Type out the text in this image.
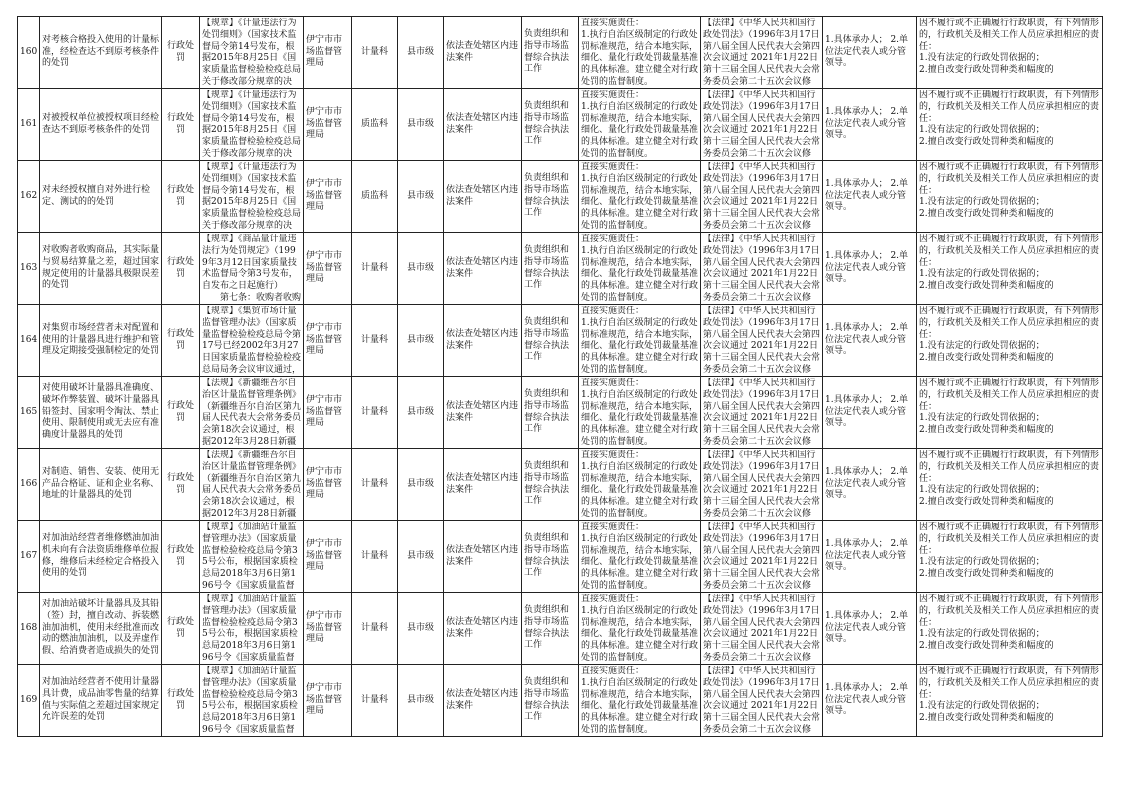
160	对考核合格投入使用的计量标准，经检查达不到原考核条件的处罚	行政处罚	【规章】《计量违法行为处罚细则》（国家技术监督局令第14号发布，根据2015年8月25日《国家质量监督检验检疫总局关于修改部分规章的决	伊宁市市场监督管理局	计量科	县市级	依法查处辖区内违法案件	负责组织和指导市场监督综合执法工作	直接实施责任：
1.执行自治区级制定的行政处罚标准规范，结合本地实际，细化、量化行政处罚裁量基准的具体标准。建立健全对行政处罚的监督制度。	【法律】《中华人民共和国行政处罚法》（1996年3月17日第八届全国人民代表大会第四次会议通过 2021年1月22日第十三届全国人民代表大会常务委员会第二十五次会议修
　　　　	1.具体承办人； 2.单位法定代表人或分管领导。	因不履行或不正确履行行政职责，有下列情形的，行政机关及相关工作人员应承担相应的责任：
1.没有法定的行政处罚依据的；
2.擅自改变行政处罚种类和幅度的

161	对被授权单位被授权项目经检查达不到原考核条件的处罚	行政处罚	【规章】《计量违法行为处罚细则》（国家技术监督局令第14号发布，根据2015年8月25日《国家质量监督检验检疫总局关于修改部分规章的决	伊宁市市场监督管理局	质监科	县市级	依法查处辖区内违法案件	负责组织和指导市场监督综合执法工作	直接实施责任：
1.执行自治区级制定的行政处罚标准规范，结合本地实际，细化、量化行政处罚裁量基准的具体标准。建立健全对行政处罚的监督制度。	【法律】《中华人民共和国行政处罚法》（1996年3月17日第八届全国人民代表大会第四次会议通过 2021年1月22日第十三届全国人民代表大会常务委员会第二十五次会议修
　　　　	1.具体承办人； 2.单位法定代表人或分管领导。	因不履行或不正确履行行政职责，有下列情形的，行政机关及相关工作人员应承担相应的责任：
1.没有法定的行政处罚依据的；
2.擅自改变行政处罚种类和幅度的

162	对未经授权擅自对外进行检定、测试的的处罚	行政处罚	【规章】《计量违法行为处罚细则》（国家技术监督局令第14号发布，根据2015年8月25日《国家质量监督检验检疫总局关于修改部分规章的决	伊宁市市场监督管理局	质监科	县市级	依法查处辖区内违法案件	负责组织和指导市场监督综合执法工作	直接实施责任：
1.执行自治区级制定的行政处罚标准规范，结合本地实际，细化、量化行政处罚裁量基准的具体标准。建立健全对行政处罚的监督制度。	【法律】《中华人民共和国行政处罚法》（1996年3月17日第八届全国人民代表大会第四次会议通过 2021年1月22日第十三届全国人民代表大会常务委员会第二十五次会议修
　　　　	1.具体承办人； 2.单位法定代表人或分管领导。	因不履行或不正确履行行政职责，有下列情形的，行政机关及相关工作人员应承担相应的责任：
1.没有法定的行政处罚依据的；
2.擅自改变行政处罚种类和幅度的

163	对收购者收购商品，其实际量与贸易结算量之差，超过国家规定使用的计量器具极限误差的处罚	行政处罚	【规章】《商品量计量违法行为处罚规定》（1999年3月12日国家质量技术监督局令第3号发布，自发布之日起施行）
　　第七条：收购者收购	伊宁市市场监督管理局	计量科	县市级	依法查处辖区内违法案件	负责组织和指导市场监督综合执法工作	直接实施责任：
1.执行自治区级制定的行政处罚标准规范，结合本地实际，细化、量化行政处罚裁量基准的具体标准。建立健全对行政处罚的监督制度。	【法律】《中华人民共和国行政处罚法》（1996年3月17日第八届全国人民代表大会第四次会议通过 2021年1月22日第十三届全国人民代表大会常务委员会第二十五次会议修
　　　　	1.具体承办人； 2.单位法定代表人或分管领导。	因不履行或不正确履行行政职责，有下列情形的，行政机关及相关工作人员应承担相应的责任：
1.没有法定的行政处罚依据的；
2.擅自改变行政处罚种类和幅度的

164	对集贸市场经营者未对配置和使用的计量器具进行维护和管理及定期接受强制检定的处罚	行政处罚	【规章】《集贸市场计量监督管理办法》（国家质量监督检验检疫总局令第17号已经2002年3月27日国家质量监督检验检疫总局局务会议审议通过，	伊宁市市场监督管理局	计量科	县市级	依法查处辖区内违法案件	负责组织和指导市场监督综合执法工作	直接实施责任：
1.执行自治区级制定的行政处罚标准规范，结合本地实际，细化、量化行政处罚裁量基准的具体标准。建立健全对行政处罚的监督制度。	【法律】《中华人民共和国行政处罚法》（1996年3月17日第八届全国人民代表大会第四次会议通过 2021年1月22日第十三届全国人民代表大会常务委员会第二十五次会议修
　　　　	1.具体承办人； 2.单位法定代表人或分管领导。	因不履行或不正确履行行政职责，有下列情形的，行政机关及相关工作人员应承担相应的责任：
1.没有法定的行政处罚依据的；
2.擅自改变行政处罚种类和幅度的

165	对使用破坏计量器具准确度、破坏作弊装置、破坏计量器具铅签封、国家明令淘汰、禁止使用、限制使用或无去应有准确度计量器具的处罚	行政处罚	【法规】《新疆维吾尔自治区计量监督管理条例》（新疆维吾尔自治区第九届人民代表大会常务委员会第18次会议通过，根据2012年3月28日新疆	伊宁市市场监督管理局	计量科	县市级	依法查处辖区内违法案件	负责组织和指导市场监督综合执法工作	直接实施责任：
1.执行自治区级制定的行政处罚标准规范，结合本地实际，细化、量化行政处罚裁量基准的具体标准。建立健全对行政处罚的监督制度。	【法律】《中华人民共和国行政处罚法》（1996年3月17日第八届全国人民代表大会第四次会议通过 2021年1月22日第十三届全国人民代表大会常务委员会第二十五次会议修
　　　　	1.具体承办人； 2.单位法定代表人或分管领导。	因不履行或不正确履行行政职责，有下列情形的，行政机关及相关工作人员应承担相应的责任：
1.没有法定的行政处罚依据的；
2.擅自改变行政处罚种类和幅度的

166	对制造、销售、安装、使用无产品合格证、证和企业名称、地址的计量器具的处罚	行政处罚	【法规】《新疆维吾尔自治区计量监督管理条例》（新疆维吾尔自治区第九届人民代表大会常务委员会第18次会议通过，根据2012年3月28日新疆	伊宁市市场监督管理局	计量科	县市级	依法查处辖区内违法案件	负责组织和指导市场监督综合执法工作	直接实施责任：
1.执行自治区级制定的行政处罚标准规范，结合本地实际，细化、量化行政处罚裁量基准的具体标准。建立健全对行政处罚的监督制度。	【法律】《中华人民共和国行政处罚法》（1996年3月17日第八届全国人民代表大会第四次会议通过 2021年1月22日第十三届全国人民代表大会常务委员会第二十五次会议修
　　　　	1.具体承办人； 2.单位法定代表人或分管领导。	因不履行或不正确履行行政职责，有下列情形的，行政机关及相关工作人员应承担相应的责任：
1.没有法定的行政处罚依据的；
2.擅自改变行政处罚种类和幅度的

167	对加油站经营者维修燃油加油机未向有合法资质维修单位报修，维修后未经检定合格投入使用的处罚	行政处罚	【规章】《加油站计量监督管理办法》（国家质量监督检验检疫总局令第35号公布，根据国家质检总局2018年3月6日第196号令《国家质量监督	伊宁市市场监督管理局	计量科	县市级	依法查处辖区内违法案件	负责组织和指导市场监督综合执法工作	直接实施责任：
1.执行自治区级制定的行政处罚标准规范，结合本地实际，细化、量化行政处罚裁量基准的具体标准。建立健全对行政处罚的监督制度。	【法律】《中华人民共和国行政处罚法》（1996年3月17日第八届全国人民代表大会第四次会议通过 2021年1月22日第十三届全国人民代表大会常务委员会第二十五次会议修
　　　　	1.具体承办人； 2.单位法定代表人或分管领导。	因不履行或不正确履行行政职责，有下列情形的，行政机关及相关工作人员应承担相应的责任：
1.没有法定的行政处罚依据的；
2.擅自改变行政处罚种类和幅度的

168	对加油站破坏计量器具及其铅（签）封，擅自改动、拆装燃油加油机，使用未经批准而改动的燃油加油机，以及弄虚作假、给消费者造成损失的处罚	行政处罚	【规章】《加油站计量监督管理办法》（国家质量监督检验检疫总局令第35号公布，根据国家质检总局2018年3月6日第196号令《国家质量监督	伊宁市市场监督管理局	计量科	县市级	依法查处辖区内违法案件	负责组织和指导市场监督综合执法工作	直接实施责任：
1.执行自治区级制定的行政处罚标准规范，结合本地实际，细化、量化行政处罚裁量基准的具体标准。建立健全对行政处罚的监督制度。	【法律】《中华人民共和国行政处罚法》（1996年3月17日第八届全国人民代表大会第四次会议通过 2021年1月22日第十三届全国人民代表大会常务委员会第二十五次会议修
　　　　	1.具体承办人； 2.单位法定代表人或分管领导。	因不履行或不正确履行行政职责，有下列情形的，行政机关及相关工作人员应承担相应的责任：
1.没有法定的行政处罚依据的；
2.擅自改变行政处罚种类和幅度的

169	对加油站经营者不使用计量器具计费，成品油零售量的结算值与实际值之差超过国家规定允许误差的处罚	行政处罚	【规章】《加油站计量监督管理办法》（国家质量监督检验检疫总局令第35号公布，根据国家质检总局2018年3月6日第196号令《国家质量监督	伊宁市市场监督管理局	计量科	县市级	依法查处辖区内违法案件	负责组织和指导市场监督综合执法工作	直接实施责任：
1.执行自治区级制定的行政处罚标准规范，结合本地实际，细化、量化行政处罚裁量基准的具体标准。建立健全对行政处罚的监督制度。	【法律】《中华人民共和国行政处罚法》（1996年3月17日第八届全国人民代表大会第四次会议通过 2021年1月22日第十三届全国人民代表大会常务委员会第二十五次会议修
　　　　	1.具体承办人； 2.单位法定代表人或分管领导。	因不履行或不正确履行行政职责，有下列情形的，行政机关及相关工作人员应承担相应的责任：
1.没有法定的行政处罚依据的；
2.擅自改变行政处罚种类和幅度的
